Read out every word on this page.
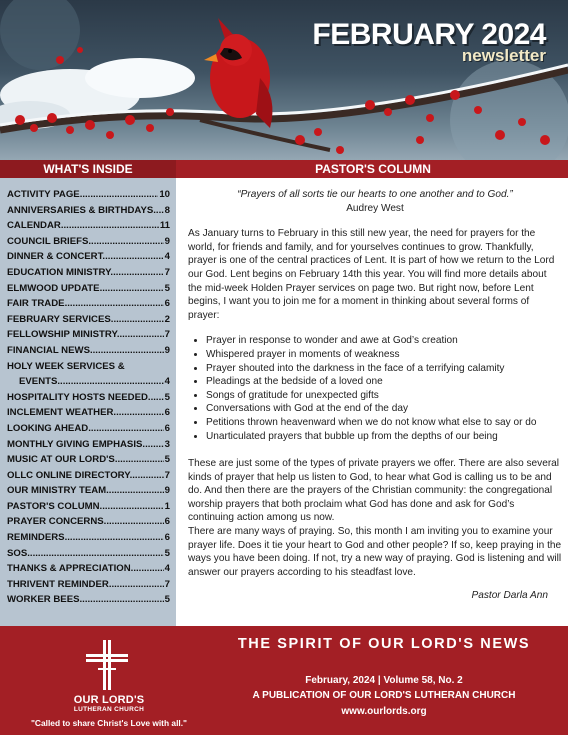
FEBRUARY 2024
newsletter
WHAT'S INSIDE	PASTOR'S COLUMN
ACTIVITY PAGE .....	10
ANNIVERSARIES & BIRTHDAYS .....	8
CALENDAR .....	11
COUNCIL BRIEFS .....	9
DINNER & CONCERT .....	4
EDUCATION MINISTRY .....	7
ELMWOOD UPDATE .....	5
FAIR TRADE .....	6
FEBRUARY SERVICES .....	2
FELLOWSHIP MINISTRY .....	7
FINANCIAL NEWS .....	9
HOLY WEEK SERVICES &
EVENTS .....	4
HOSPITALITY HOSTS NEEDED .....	5
INCLEMENT WEATHER .....	6
LOOKING AHEAD .....	6
MONTHLY GIVING EMPHASIS .....	3
MUSIC AT OUR LORD'S .....	5
OLLC ONLINE DIRECTORY .....	7
OUR MINISTRY TEAM .....	9
PASTOR'S COLUMN .....	1
PRAYER CONCERNS .....	6
REMINDERS .....	6
SOS .....	5
THANKS & APPRECIATION .....	4
THRIVENT REMINDER .....	7
WORKER BEES .....	5
“Prayers of all sorts tie our hearts to one another and to God.”
Audrey West

As January turns to February in this still new year, the need for prayers for the world, for friends and family, and for yourselves continues to grow. Thankfully, prayer is one of the central practices of Lent. It is part of how we return to the Lord our God. Lent begins on February 14th this year. You will find more details about the mid-week Holden Prayer services on page two. But right now, before Lent begins, I want you to join me for a moment in thinking about several forms of prayer:

• Prayer in response to wonder and awe at God’s creation
• Whispered prayer in moments of weakness
• Prayer shouted into the darkness in the face of a terrifying calamity
• Pleadings at the bedside of a loved one
• Songs of gratitude for unexpected gifts
• Conversations with God at the end of the day
• Petitions thrown heavenward when we do not know what else to say or do
• Unarticulated prayers that bubble up from the depths of our being

These are just some of the types of private prayers we offer. There are also several kinds of prayer that help us listen to God, to hear what God is calling us to be and do. And then there are the prayers of the Christian community: the congregational worship prayers that both proclaim what God has done and ask for God’s continuing action among us now.

There are many ways of praying. So, this month I am inviting you to examine your prayer life. Does it tie your heart to God and other people? If so, keep praying in the ways you have been doing. If not, try a new way of praying. God is listening and will answer our prayers according to his steadfast love.

Pastor Darla Ann
OUR LORD'S
LUTHERAN CHURCH
"Called to share Christ's Love with all."
THE SPIRIT OF OUR LORD'S NEWS
February, 2024 | Volume 58, No. 2
A PUBLICATION OF OUR LORD'S LUTHERAN CHURCH
www.ourlords.org
